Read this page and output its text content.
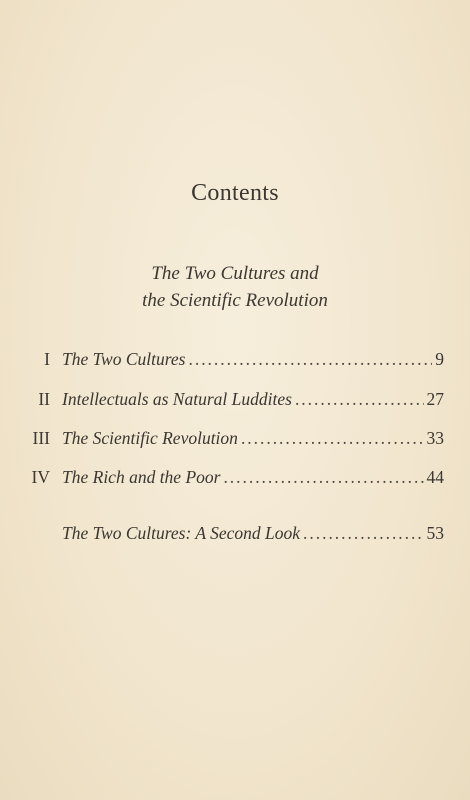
Contents
The Two Cultures and
the Scientific Revolution
I The Two Cultures . . .	9
II Intellectuals as Natural Luddites . . .	27
III The Scientific Revolution . . .	33
IV The Rich and the Poor . . .	44
The Two Cultures: A Second Look . . .	53
